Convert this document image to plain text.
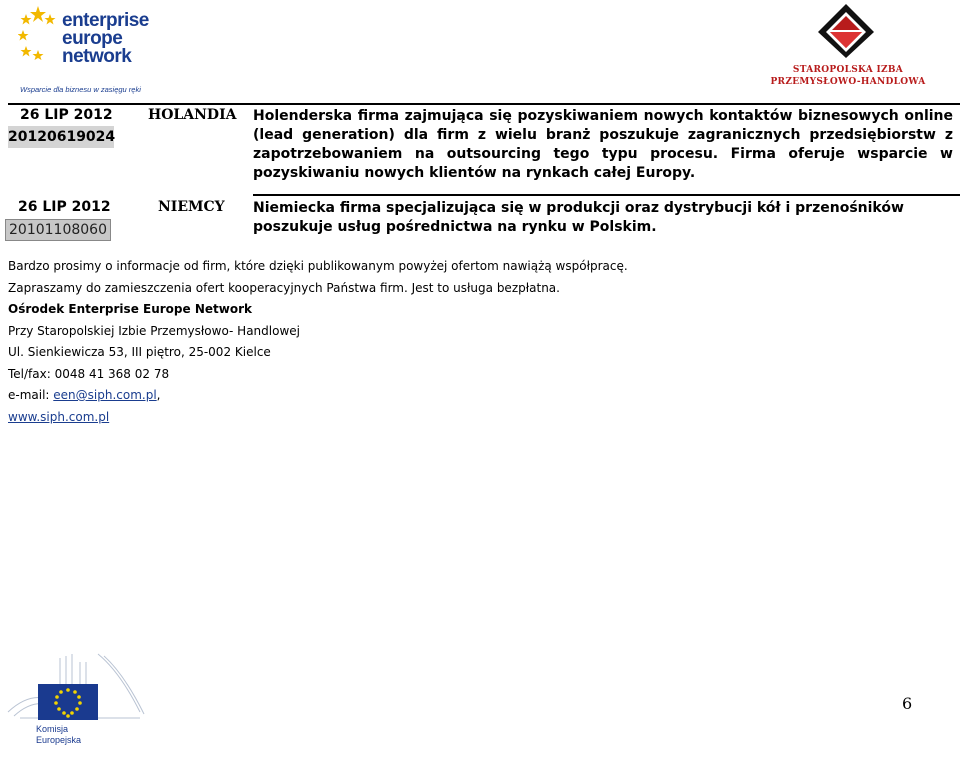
enterprise
europe
network
Wsparcie dla biznesu w zasięgu ręki
STAROPOLSKA IZBA
PRZEMYSŁOWO-HANDLOWA
26 LIP 2012
20120619024
HOLANDIA Holenderska firma zajmująca się pozyskiwaniem nowych kontaktów biznesowych online (lead generation) dla firm z wielu branż poszukuje zagranicznych przedsiębiorstw z zapotrzebowaniem na outsourcing tego typu procesu. Firma oferuje wsparcie w pozyskiwaniu nowych klientów na rynkach całej Europy.
26 LIP 2012
20101108060
NIEMCY Niemiecka firma specjalizująca się w produkcji oraz dystrybucji kół i przenośników poszukuje usług pośrednictwa na rynku w Polskim.

Bardzo prosimy o informacje od firm, które dzięki publikowanym powyżej ofertom nawiążą współpracę.

Zapraszamy do zamieszczenia ofert kooperacyjnych Państwa firm. Jest to usługa bezpłatna.

Ośrodek Enterprise Europe Network

Przy Staropolskiej Izbie Przemysłowo- Handlowej

Ul. Sienkiewicza 53, III piętro, 25-002 Kielce

Tel/fax: 0048 41 368 02 78

e-mail: een@siph.com.pl,

www.siph.com.pl

Komisja
Europejska
6
